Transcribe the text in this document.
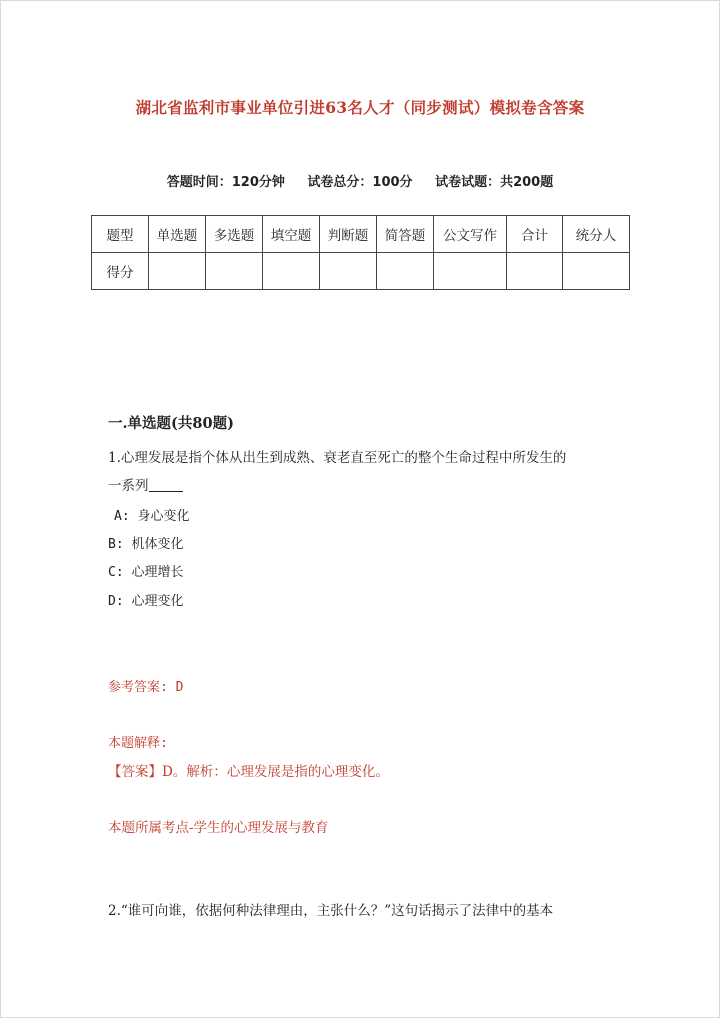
湖北省监利市事业单位引进63名人才（同步测试）模拟卷含答案
答题时间：120分钟 试卷总分：100分 试卷试题：共200题
题型	单选题	多选题	填空题	判断题	简答题	公文写作	合计	统分人
得分								
一.单选题(共80题)
1.心理发展是指个体从出生到成熟、衰老直至死亡的整个生命过程中所发生的
一系列
A: 身心变化
B: 机体变化
C: 心理增长
D: 心理变化
参考答案: D
本题解释:
【答案】D。解析：心理发展是指的心理变化。
本题所属考点-学生的心理发展与教育
2.“谁可向谁，依据何种法律理由，主张什么？”这句话揭示了法律中的基本
